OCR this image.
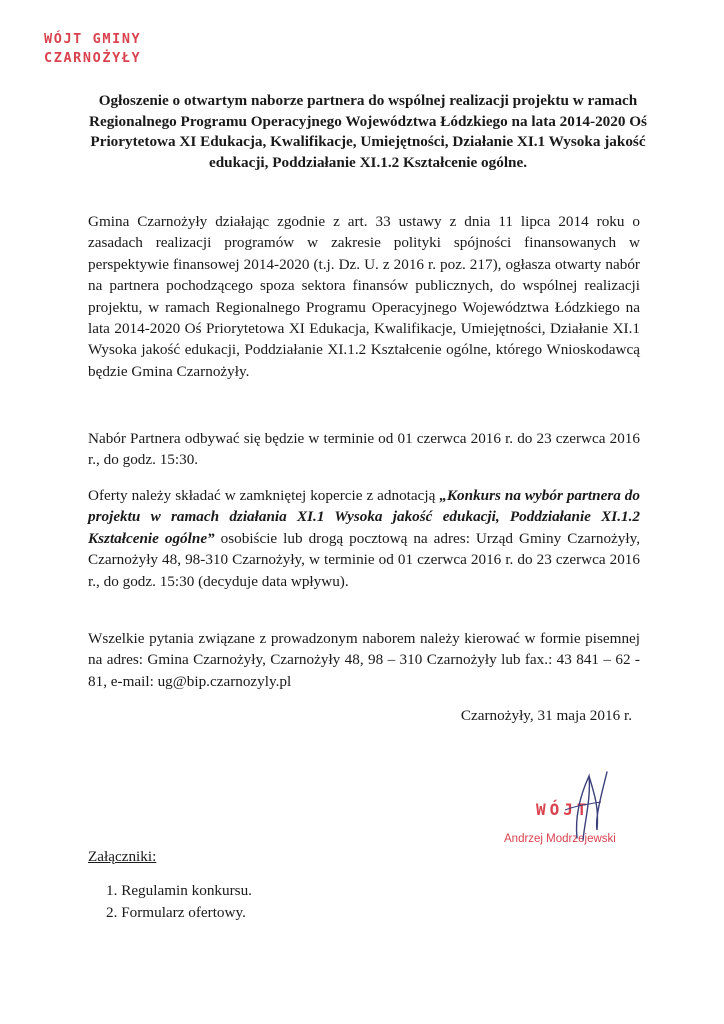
WÓJT GMINY
CZARNOŻYŁY
Ogłoszenie o otwartym naborze partnera do wspólnej realizacji projektu w ramach Regionalnego Programu Operacyjnego Województwa Łódzkiego na lata 2014-2020 Oś Priorytetowa XI Edukacja, Kwalifikacje, Umiejętności, Działanie XI.1 Wysoka jakość edukacji, Poddziałanie XI.1.2 Kształcenie ogólne.
Gmina Czarnożyły działając zgodnie z art. 33 ustawy z dnia 11 lipca 2014 roku o zasadach realizacji programów w zakresie polityki spójności finansowanych w perspektywie finansowej 2014-2020 (t.j. Dz. U. z 2016 r. poz. 217), ogłasza otwarty nabór na partnera pochodzącego spoza sektora finansów publicznych, do wspólnej realizacji projektu, w ramach Regionalnego Programu Operacyjnego Województwa Łódzkiego na lata 2014-2020 Oś Priorytetowa XI Edukacja, Kwalifikacje, Umiejętności, Działanie XI.1 Wysoka jakość edukacji, Poddziałanie XI.1.2 Kształcenie ogólne, którego Wnioskodawcą będzie Gmina Czarnożyły.
Nabór Partnera odbywać się będzie w terminie od 01 czerwca 2016 r. do 23 czerwca 2016 r., do godz. 15:30.
Oferty należy składać w zamkniętej kopercie z adnotacją „Konkurs na wybór partnera do projektu w ramach działania XI.1 Wysoka jakość edukacji, Poddziałanie XI.1.2 Kształcenie ogólne” osobiście lub drogą pocztową na adres: Urząd Gminy Czarnożyły, Czarnożyły 48, 98-310 Czarnożyły, w terminie od 01 czerwca 2016 r. do 23 czerwca 2016 r., do godz. 15:30 (decyduje data wpływu).
Wszelkie pytania związane z prowadzonym naborem należy kierować w formie pisemnej na adres: Gmina Czarnożyły, Czarnożyły 48, 98 – 310 Czarnożyły lub fax.: 43 841 – 62 - 81, e-mail: ug@bip.czarnozyly.pl
Czarnożyły, 31 maja 2016 r.
WÓJT
Andrzej Modrzejewski
Załączniki:
1. Regulamin konkursu.
2. Formularz ofertowy.
